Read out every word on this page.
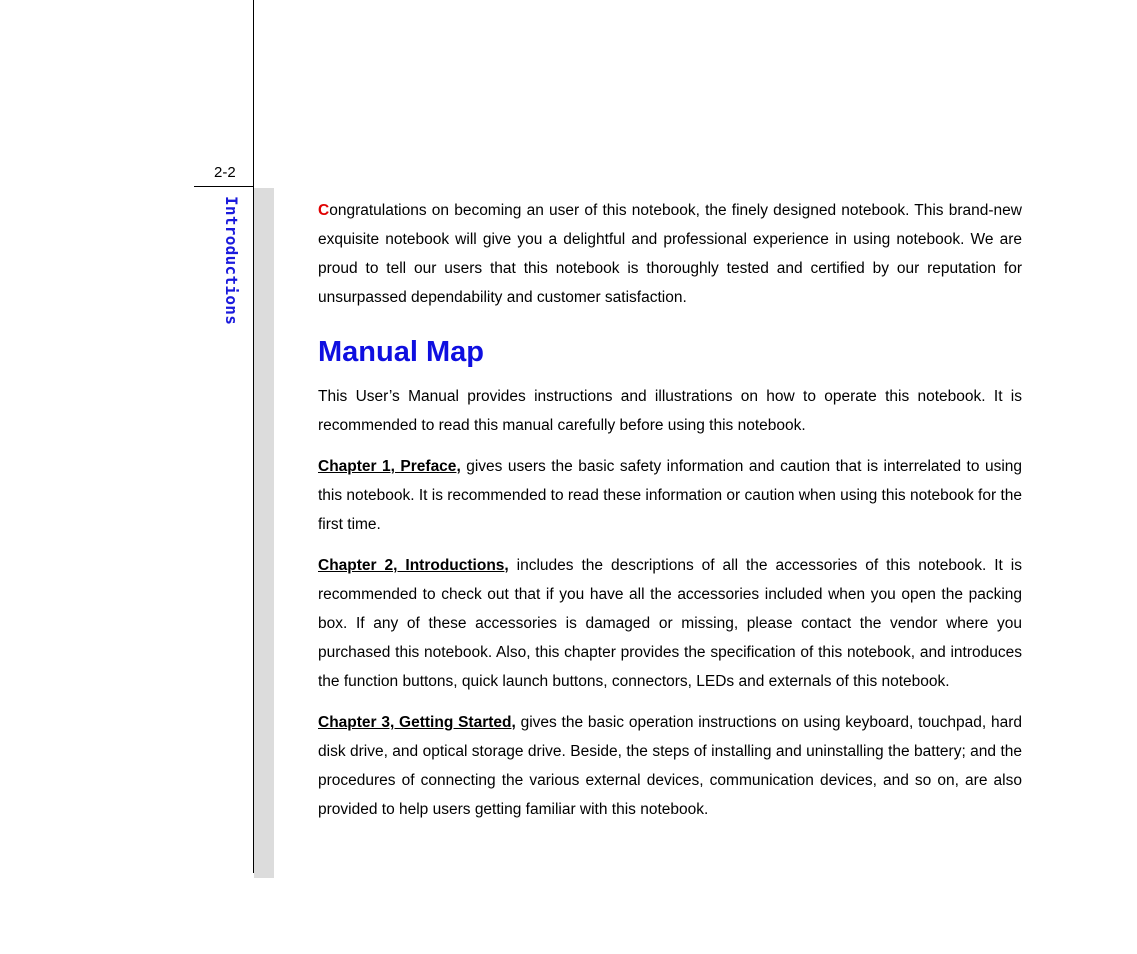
2-2
Introductions	Congratulations on becoming an user of this notebook, the finely designed notebook. This brand-new exquisite notebook will give you a delightful and professional experience in using notebook. We are proud to tell our users that this notebook is thoroughly tested and certified by our reputation for unsurpassed dependability and customer satisfaction.

Manual Map

This User’s Manual provides instructions and illustrations on how to operate this notebook. It is recommended to read this manual carefully before using this notebook.

Chapter 1, Preface, gives users the basic safety information and caution that is interrelated to using this notebook. It is recommended to read these information or caution when using this notebook for the first time.

Chapter 2, Introductions, includes the descriptions of all the accessories of this notebook. It is recommended to check out that if you have all the accessories included when you open the packing box. If any of these accessories is damaged or missing, please contact the vendor where you purchased this notebook. Also, this chapter provides the specification of this notebook, and introduces the function buttons, quick launch buttons, connectors, LEDs and externals of this notebook.

Chapter 3, Getting Started, gives the basic operation instructions on using keyboard, touchpad, hard disk drive, and optical storage drive. Beside, the steps of installing and uninstalling the battery; and the procedures of connecting the various external devices, communication devices, and so on, are also provided to help users getting familiar with this notebook.
